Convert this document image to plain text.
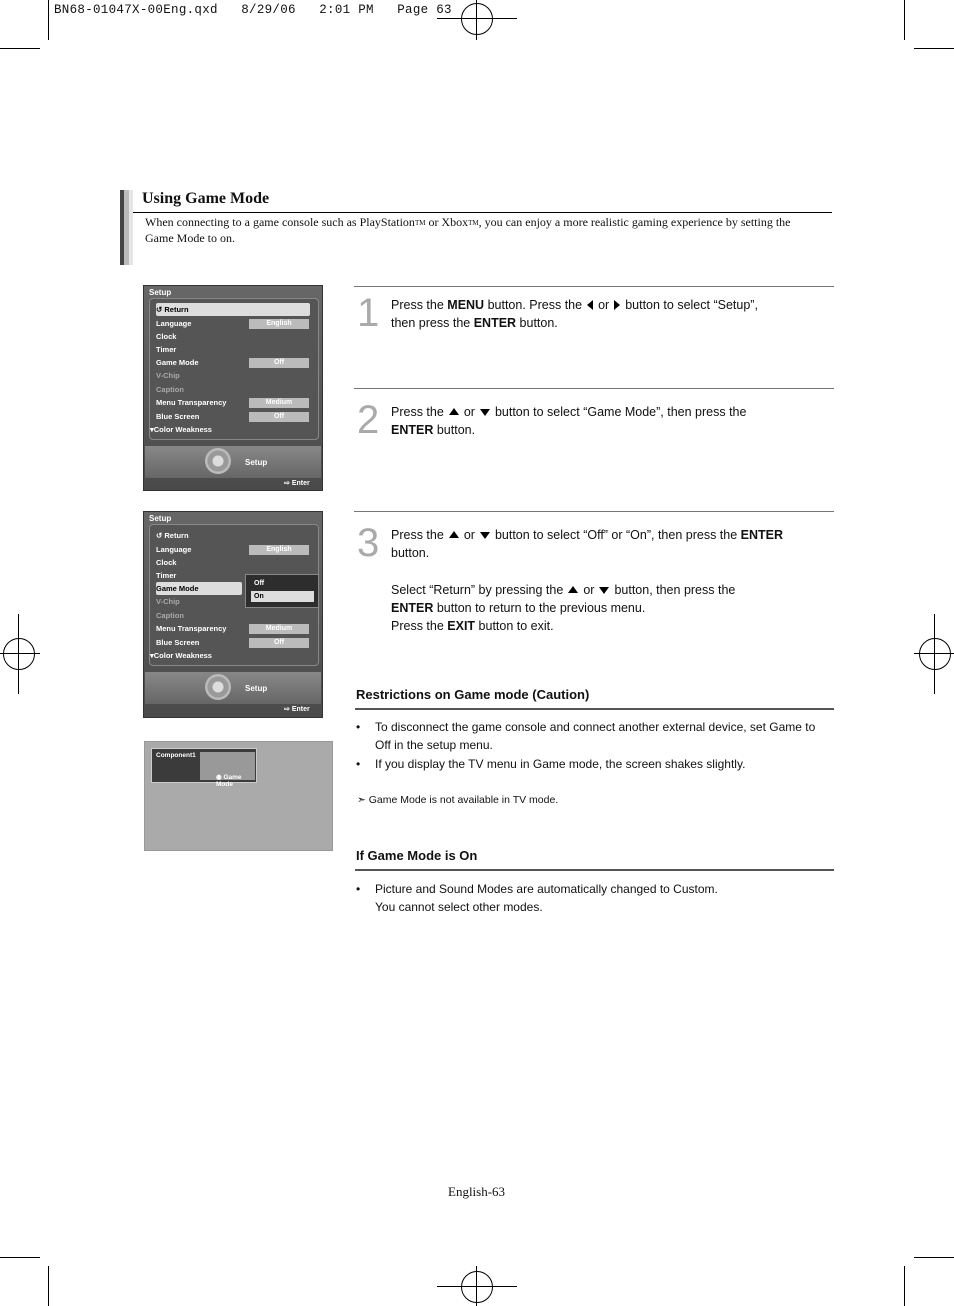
BN68-01047X-00Eng.qxd   8/29/06   2:01 PM   Page 63
Using Game Mode
When connecting to a game console such as PlayStationTM or XboxTM, you can enjoy a more realistic gaming experience by setting the Game Mode to on.
Setup
↺ Return
Language	English
Clock
Timer
Game Mode	Off
V-Chip
Caption
Menu Transparency	Medium
Blue Screen	Off
▾Color Weakness
Setup
⇨ Enter
Setup
↺ Return
Language	English
Clock
Timer
Game Mode
V-Chip
Caption
Menu Transparency	Medium
Blue Screen	Off
▾Color Weakness
Off
On
Setup
⇨ Enter
Component1
◉ Game Mode
1 Press the MENU button. Press the or button to select “Setup”,
then press the ENTER button.
2 Press the or button to select “Game Mode”, then press the
ENTER button.
3 Press the or button to select “Off” or “On”, then press the ENTER
button.

Select “Return” by pressing the or button, then press the
ENTER button to return to the previous menu.
Press the EXIT button to exit.
Restrictions on Game mode (Caution)
• To disconnect the game console and connect another external device, set Game to Off in the setup menu.
• If you display the TV menu in Game mode, the screen shakes slightly.
➣ Game Mode is not available in TV mode.
If Game Mode is On
• Picture and Sound Modes are automatically changed to Custom.
You cannot select other modes.
English-63
